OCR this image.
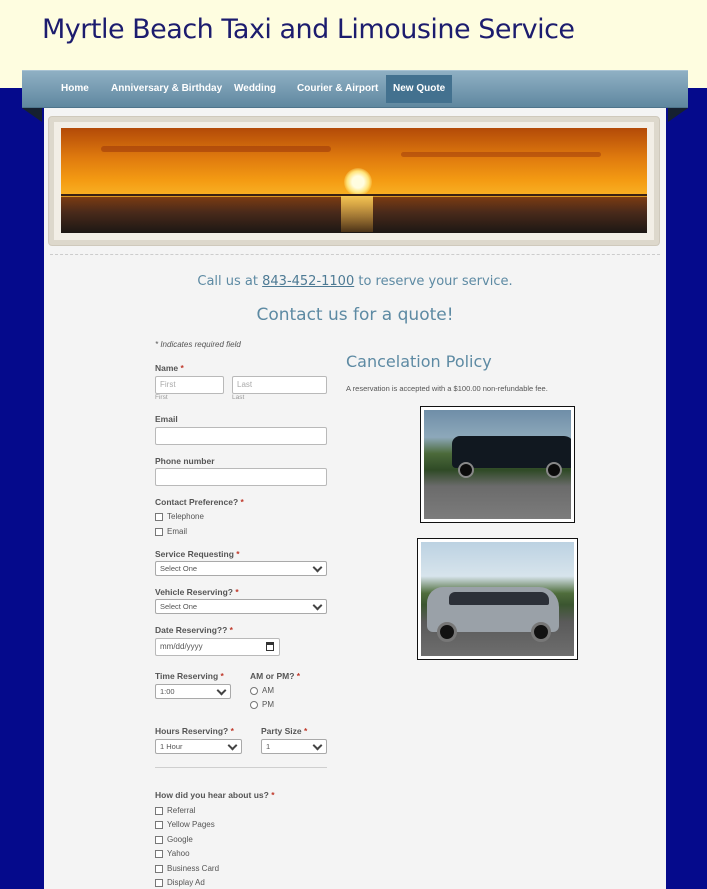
Myrtle Beach Taxi and Limousine Service
Home	Anniversary & Birthday	Wedding	Courier & Airport	New Quote
Call us at 843-452-1100 to reserve your service.
Contact us for a quote!
* Indicates required field
Name *
First	Last
First	Last
Email
Phone number
Contact Preference? *
Telephone
Email
Service Requesting *
Select One
Vehicle Reserving? *
Select One
Date Reserving?? *
mm/dd/yyyy
Time Reserving *
1:00
AM or PM? *
AM
PM
Hours Reserving? *
1 Hour
Party Size *
1
How did you hear about us? *
Referral
Yellow Pages
Google
Yahoo
Business Card
Display Ad
Cancelation Policy
A reservation is accepted with a $100.00 non-refundable fee.
